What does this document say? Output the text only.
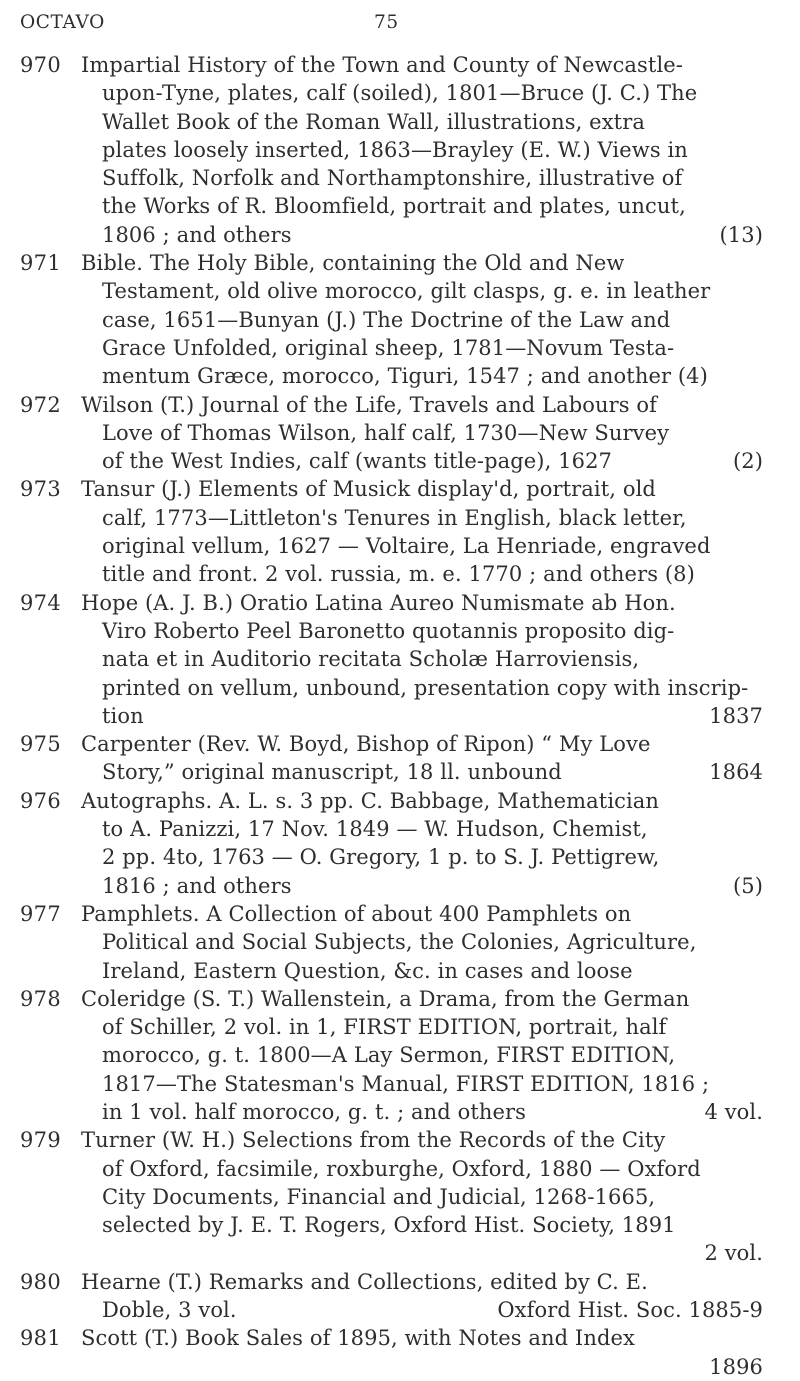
OCTAVO	75
970 Impartial History of the Town and County of Newcastle-
upon-Tyne, plates, calf (soiled), 1801—Bruce (J. C.) The
Wallet Book of the Roman Wall, illustrations, extra
plates loosely inserted, 1863—Brayley (E. W.) Views in
Suffolk, Norfolk and Northamptonshire, illustrative of
the Works of R. Bloomfield, portrait and plates, uncut,
1806 ; and others	(13)
971 Bible. The Holy Bible, containing the Old and New
Testament, old olive morocco, gilt clasps, g. e. in leather
case, 1651—Bunyan (J.) The Doctrine of the Law and
Grace Unfolded, original sheep, 1781—Novum Testa-
mentum Græce, morocco, Tiguri, 1547 ; and another (4)
972 Wilson (T.) Journal of the Life, Travels and Labours of
Love of Thomas Wilson, half calf, 1730—New Survey
of the West Indies, calf (wants title-page), 1627	(2)
973 Tansur (J.) Elements of Musick display'd, portrait, old
calf, 1773—Littleton's Tenures in English, black letter,
original vellum, 1627 — Voltaire, La Henriade, engraved
title and front. 2 vol. russia, m. e. 1770 ; and others (8)
974 Hope (A. J. B.) Oratio Latina Aureo Numismate ab Hon.
Viro Roberto Peel Baronetto quotannis proposito dig-
nata et in Auditorio recitata Scholæ Harroviensis,
printed on vellum, unbound, presentation copy with inscrip-
tion	1837
975 Carpenter (Rev. W. Boyd, Bishop of Ripon) “ My Love
Story,” original manuscript, 18 ll. unbound	1864
976 Autographs. A. L. s. 3 pp. C. Babbage, Mathematician
to A. Panizzi, 17 Nov. 1849 — W. Hudson, Chemist,
2 pp. 4to, 1763 — O. Gregory, 1 p. to S. J. Pettigrew,
1816 ; and others	(5)
977 Pamphlets. A Collection of about 400 Pamphlets on
Political and Social Subjects, the Colonies, Agriculture,
Ireland, Eastern Question, &c. in cases and loose
978 Coleridge (S. T.) Wallenstein, a Drama, from the German
of Schiller, 2 vol. in 1, FIRST EDITION, portrait, half
morocco, g. t. 1800—A Lay Sermon, FIRST EDITION,
1817—The Statesman's Manual, FIRST EDITION, 1816 ;
in 1 vol. half morocco, g. t. ; and others	4 vol.
979 Turner (W. H.) Selections from the Records of the City
of Oxford, facsimile, roxburghe, Oxford, 1880 — Oxford
City Documents, Financial and Judicial, 1268-1665,
selected by J. E. T. Rogers, Oxford Hist. Society, 1891
2 vol.
980 Hearne (T.) Remarks and Collections, edited by C. E.
Doble, 3 vol.	Oxford Hist. Soc. 1885-9
981 Scott (T.) Book Sales of 1895, with Notes and Index
1896
